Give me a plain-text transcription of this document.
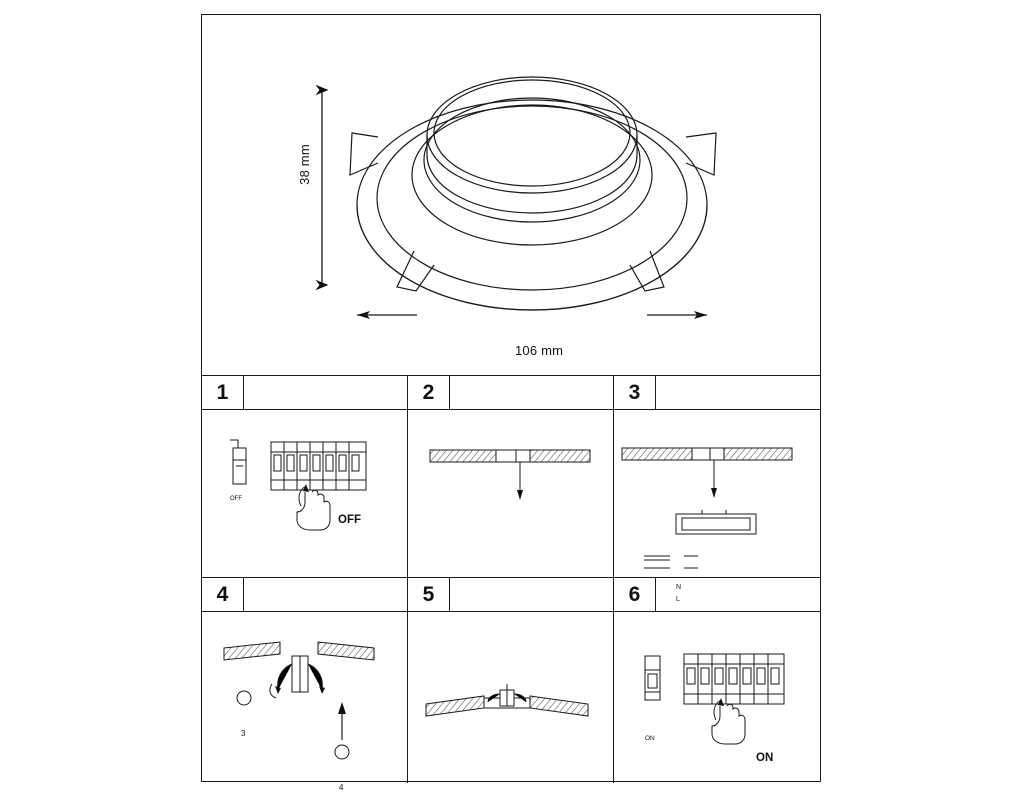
38 mm
106 mm
1
OFF
OFF
2	3
N
L
4
3
4
5	6
ON
ON
